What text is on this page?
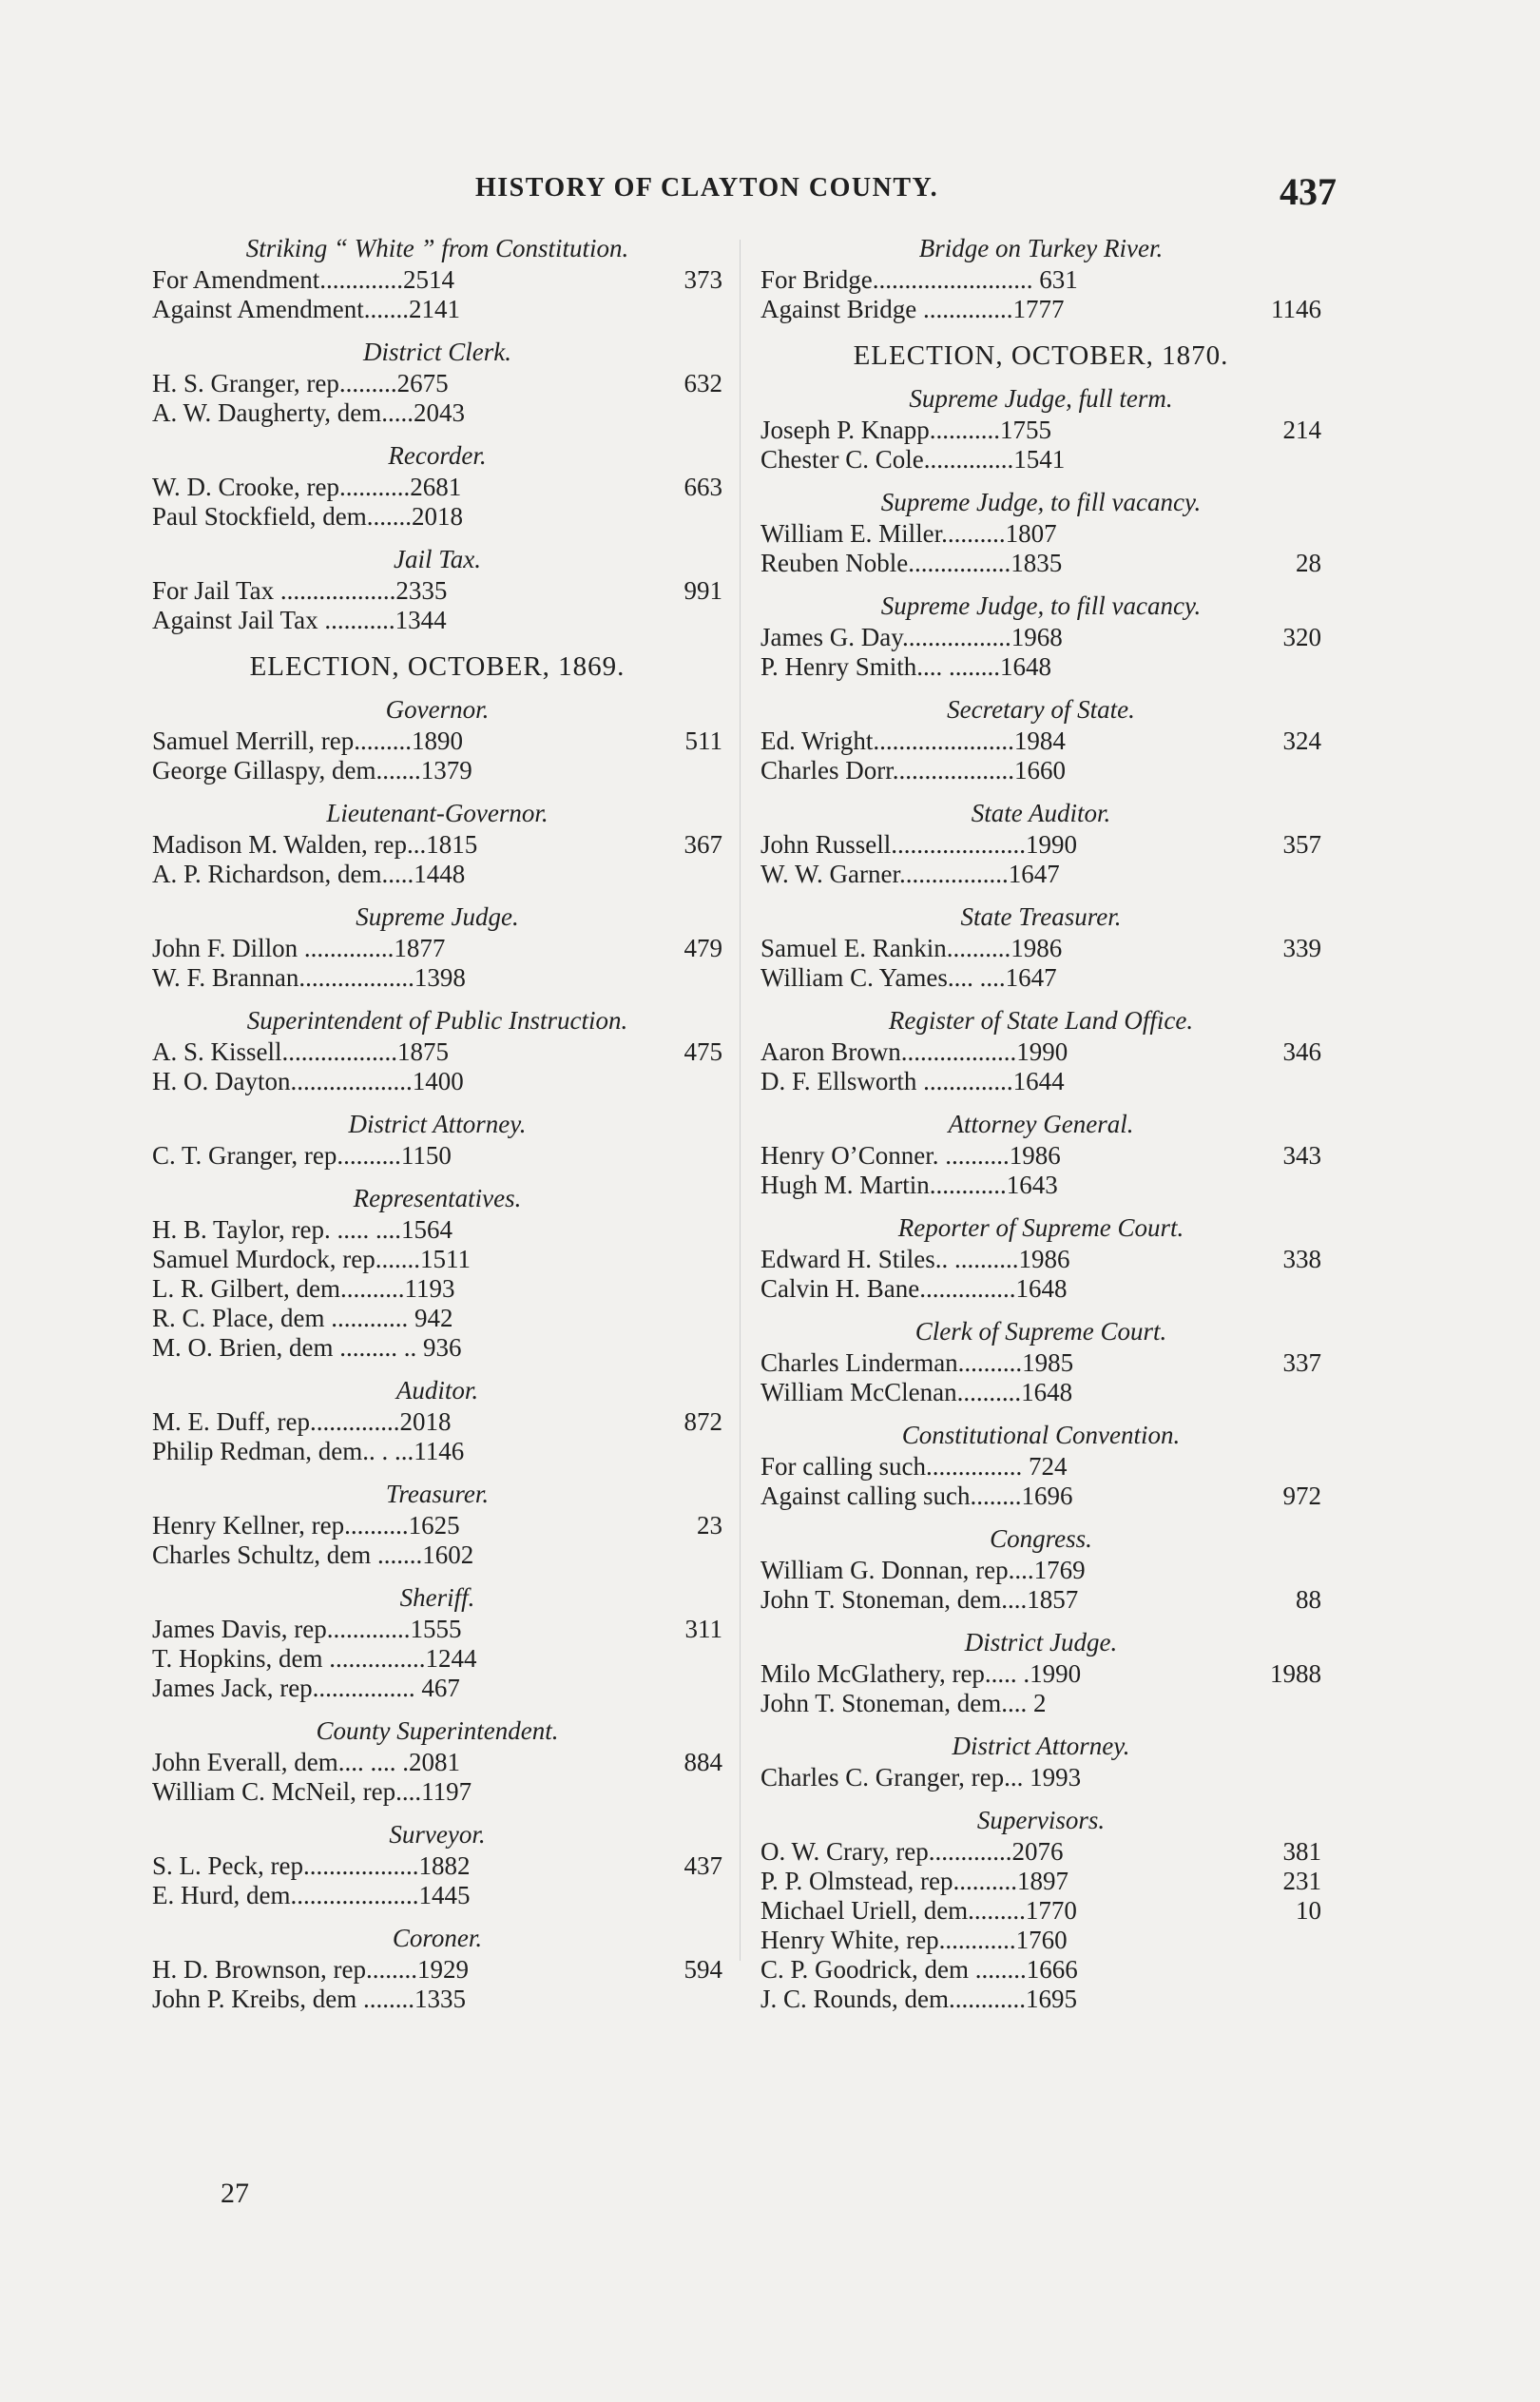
HISTORY OF CLAYTON COUNTY.	437
Striking “ White ” from Constitution.
For Amendment.............2514	373
Against Amendment.......2141
District Clerk.
H. S. Granger, rep.........2675	632
A. W. Daugherty, dem.....2043
Recorder.
W. D. Crooke, rep...........2681	663
Paul Stockfield, dem.......2018
Jail Tax.
For Jail Tax ..................2335	991
Against Jail Tax ...........1344
ELECTION, OCTOBER, 1869.
Governor.
Samuel Merrill, rep.........1890	511
George Gillaspy, dem.......1379
Lieutenant-Governor.
Madison M. Walden, rep...1815	367
A. P. Richardson, dem.....1448
Supreme Judge.
John F. Dillon ..............1877	479
W. F. Brannan..................1398
Superintendent of Public Instruction.
A. S. Kissell..................1875	475
H. O. Dayton...................1400
District Attorney.
C. T. Granger, rep..........1150
Representatives.
H. B. Taylor, rep. ..... ....1564
Samuel Murdock, rep.......1511
L. R. Gilbert, dem..........1193
R. C. Place, dem ............ 942
M. O. Brien, dem ......... .. 936
Auditor.
M. E. Duff, rep..............2018	872
Philip Redman, dem.. . ...1146
Treasurer.
Henry Kellner, rep..........1625	23
Charles Schultz, dem .......1602
Sheriff.
James Davis, rep.............1555	311
T. Hopkins, dem ...............1244
James Jack, rep................ 467
County Superintendent.
John Everall, dem.... .... .2081	884
William C. McNeil, rep....1197
Surveyor.
S. L. Peck, rep..................1882	437
E. Hurd, dem....................1445
Coroner.
H. D. Brownson, rep........1929	594
John P. Kreibs, dem ........1335
Bridge on Turkey River.
For Bridge......................... 631
Against Bridge ..............1777	1146
ELECTION, OCTOBER, 1870.
Supreme Judge, full term.
Joseph P. Knapp...........1755	214
Chester C. Cole..............1541
Supreme Judge, to fill vacancy.
William E. Miller..........1807
Reuben Noble................1835	28
Supreme Judge, to fill vacancy.
James G. Day.................1968	320
P. Henry Smith.... ........1648
Secretary of State.
Ed. Wright......................1984	324
Charles Dorr...................1660
State Auditor.
John Russell.....................1990	357
W. W. Garner.................1647
State Treasurer.
Samuel E. Rankin..........1986	339
William C. Yames.... ....1647
Register of State Land Office.
Aaron Brown..................1990	346
D. F. Ellsworth ..............1644
Attorney General.
Henry O’Conner. ..........1986	343
Hugh M. Martin............1643
Reporter of Supreme Court.
Edward H. Stiles.. ..........1986	338
Calvin H. Bane...............1648
Clerk of Supreme Court.
Charles Linderman..........1985	337
William McClenan..........1648
Constitutional Convention.
For calling such............... 724
Against calling such........1696	972
Congress.
William G. Donnan, rep....1769
John T. Stoneman, dem....1857	88
District Judge.
Milo McGlathery, rep..... .1990	1988
John T. Stoneman, dem.... 2
District Attorney.
Charles C. Granger, rep... 1993
Supervisors.
O. W. Crary, rep.............2076	381
P. P. Olmstead, rep..........1897	231
Michael Uriell, dem.........1770	10
Henry White, rep............1760
C. P. Goodrick, dem ........1666
J. C. Rounds, dem............1695
27
